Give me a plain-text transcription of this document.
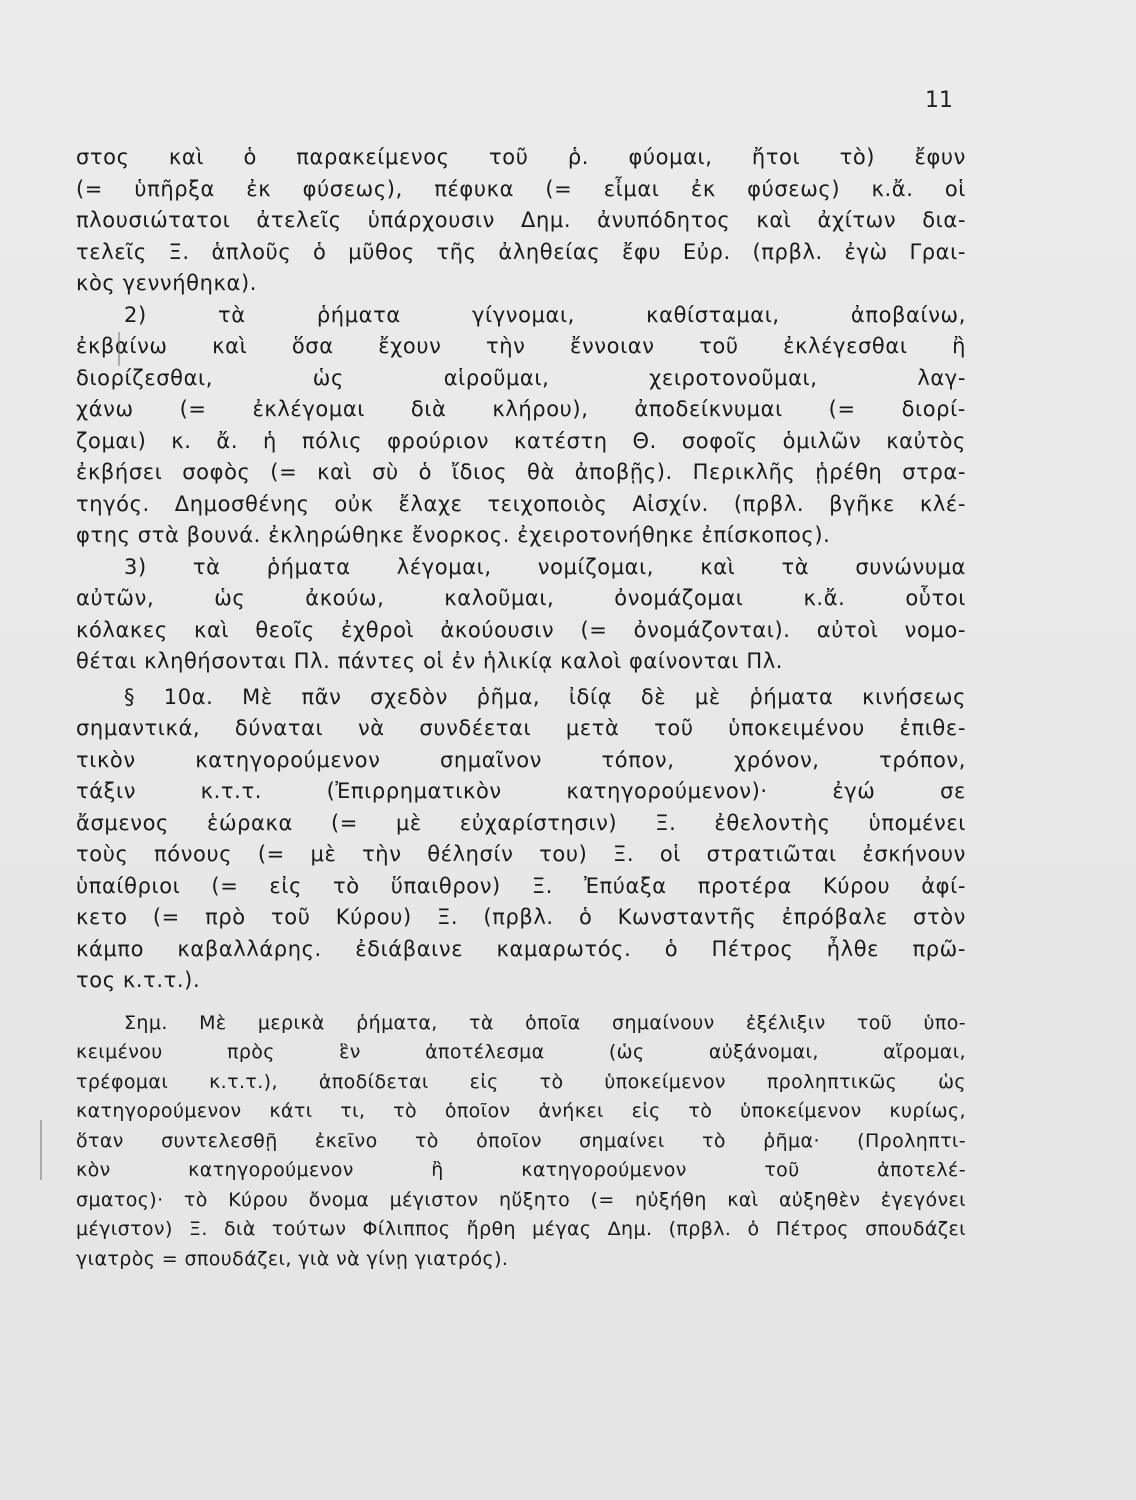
11
στος καὶ ὁ παρακείμενος τοῦ ῥ. φύομαι, ἤτοι τὸ) ἔφυν
(= ὑπῆρξα ἐκ φύσεως), πέφυκα (= εἶμαι ἐκ φύσεως) κ.ἄ. οἱ
πλουσιώτατοι ἀτελεῖς ὑπάρχουσιν Δημ. ἀνυπόδητος καὶ ἀχίτων δια-
τελεῖς Ξ. ἁπλοῦς ὁ μῦθος τῆς ἀληθείας ἔφυ Εὐρ. (πρβλ. ἐγὼ Γραι-
κὸς γεννήθηκα).
2) τὰ ῥήματα γίγνομαι, καθίσταμαι, ἀποβαίνω,
ἐκβαίνω καὶ ὅσα ἔχουν τὴν ἔννοιαν τοῦ ἐκλέγεσθαι ἢ
διορίζεσθαι, ὡς αἱροῦμαι, χειροτονοῦμαι, λαγ-
χάνω (= ἐκλέγομαι διὰ κλήρου), ἀποδείκνυμαι (= διορί-
ζομαι) κ. ἄ. ἡ πόλις φρούριον κατέστη Θ. σοφοῖς ὁμιλῶν καὐτὸς
ἐκβήσει σοφὸς (= καὶ σὺ ὁ ἴδιος θὰ ἀποβῇς). Περικλῆς ᾑρέθη στρα-
τηγός. Δημοσθένης οὐκ ἔλαχε τειχοποιὸς Αἰσχίν. (πρβλ. βγῆκε κλέ-
φτης στὰ βουνά. ἐκληρώθηκε ἔνορκος. ἐχειροτονήθηκε ἐπίσκοπος).
3) τὰ ῥήματα λέγομαι, νομίζομαι, καὶ τὰ συνώνυμα
αὐτῶν, ὡς ἀκούω, καλοῦμαι, ὀνομάζομαι κ.ἄ. οὗτοι
κόλακες καὶ θεοῖς ἐχθροὶ ἀκούουσιν (= ὀνομάζονται). αὐτοὶ νομο-
θέται κληθήσονται Πλ. πάντες οἱ ἐν ἡλικίᾳ καλοὶ φαίνονται Πλ.
§ 10α. Μὲ πᾶν σχεδὸν ῥῆμα, ἰδίᾳ δὲ μὲ ῥήματα κινήσεως
σημαντικά, δύναται νὰ συνδέεται μετὰ τοῦ ὑποκειμένου ἐπιθε-
τικὸν κατηγορούμενον σημαῖνον τόπον, χρόνον, τρόπον,
τάξιν κ.τ.τ. (Ἐπιρρηματικὸν κατηγορούμενον)· ἐγώ σε
ἄσμενος ἑώρακα (= μὲ εὐχαρίστησιν) Ξ. ἐθελοντὴς ὑπομένει
τοὺς πόνους (= μὲ τὴν θέλησίν του) Ξ. οἱ στρατιῶται ἐσκήνουν
ὑπαίθριοι (= εἰς τὸ ὕπαιθρον) Ξ. Ἐπύαξα προτέρα Κύρου ἀφί-
κετο (= πρὸ τοῦ Κύρου) Ξ. (πρβλ. ὁ Κωνσταντῆς ἐπρόβαλε στὸν
κάμπο καβαλλάρης. ἐδιάβαινε καμαρωτός. ὁ Πέτρος ἦλθε πρῶ-
τος κ.τ.τ.).
Σημ. Μὲ μερικὰ ῥήματα, τὰ ὁποῖα σημαίνουν ἐξέλιξιν τοῦ ὑπο-
κειμένου πρὸς ἓν ἀποτέλεσμα (ὡς αὐξάνομαι, αἴρομαι,
τρέφομαι κ.τ.τ.), ἀποδίδεται εἰς τὸ ὑποκείμενον προληπτικῶς ὡς
κατηγορούμενον κάτι τι, τὸ ὁποῖον ἀνήκει εἰς τὸ ὑποκείμενον κυρίως,
ὅταν συντελεσθῇ ἐκεῖνο τὸ ὁποῖον σημαίνει τὸ ῥῆμα· (Προληπτι-
κὸν κατηγορούμενον ἢ κατηγορούμενον τοῦ ἀποτελέ-
σματος)· τὸ Κύρου ὄνομα μέγιστον ηὔξητο (= ηὐξήθη καὶ αὐξηθὲν ἐγεγόνει
μέγιστον) Ξ. διὰ τούτων Φίλιππος ἤρθη μέγας Δημ. (πρβλ. ὁ Πέτρος σπουδάζει
γιατρὸς = σπουδάζει, γιὰ νὰ γίνῃ γιατρός).
